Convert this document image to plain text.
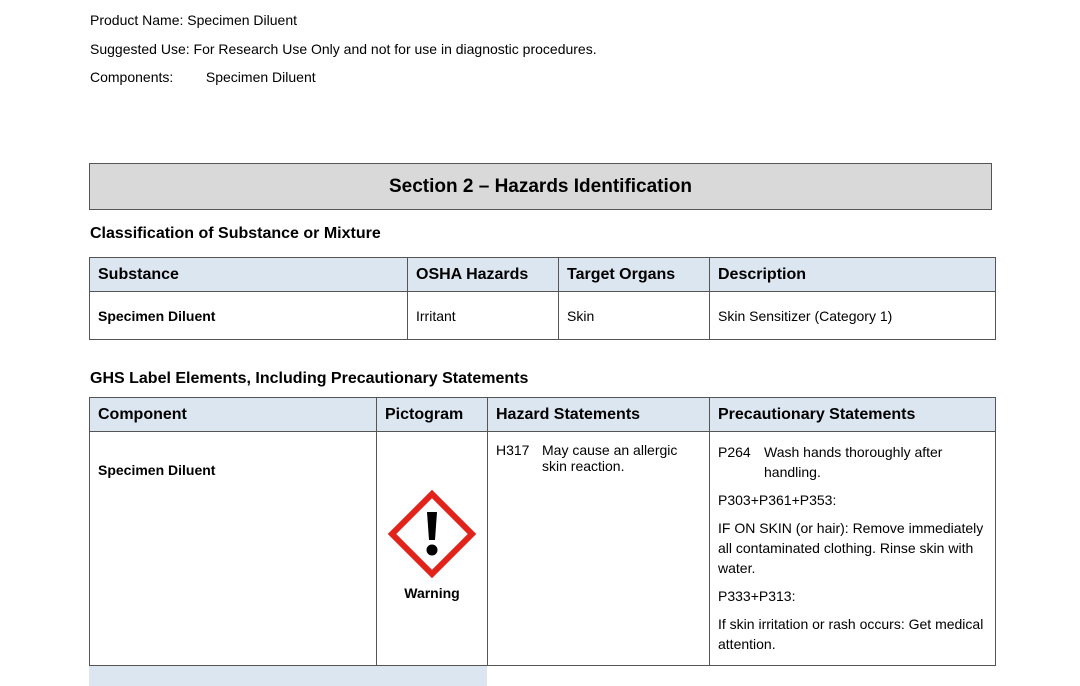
Product Name: Specimen Diluent
Suggested Use: For Research Use Only and not for use in diagnostic procedures.
Components: Specimen Diluent
Section 2 – Hazards Identification
Classification of Substance or Mixture
Substance	OSHA Hazards	Target Organs	Description
Specimen Diluent	Irritant	Skin	Skin Sensitizer (Category 1)
GHS Label Elements, Including Precautionary Statements
Component	Pictogram	Hazard Statements	Precautionary Statements
Specimen Diluent	Warning	H317 May cause an allergic skin reaction.	P264 Wash hands thoroughly after handling.

P303+P361+P353:

IF ON SKIN (or hair): Remove immediately all contaminated clothing. Rinse skin with water.

P333+P313:

If skin irritation or rash occurs: Get medical attention.
